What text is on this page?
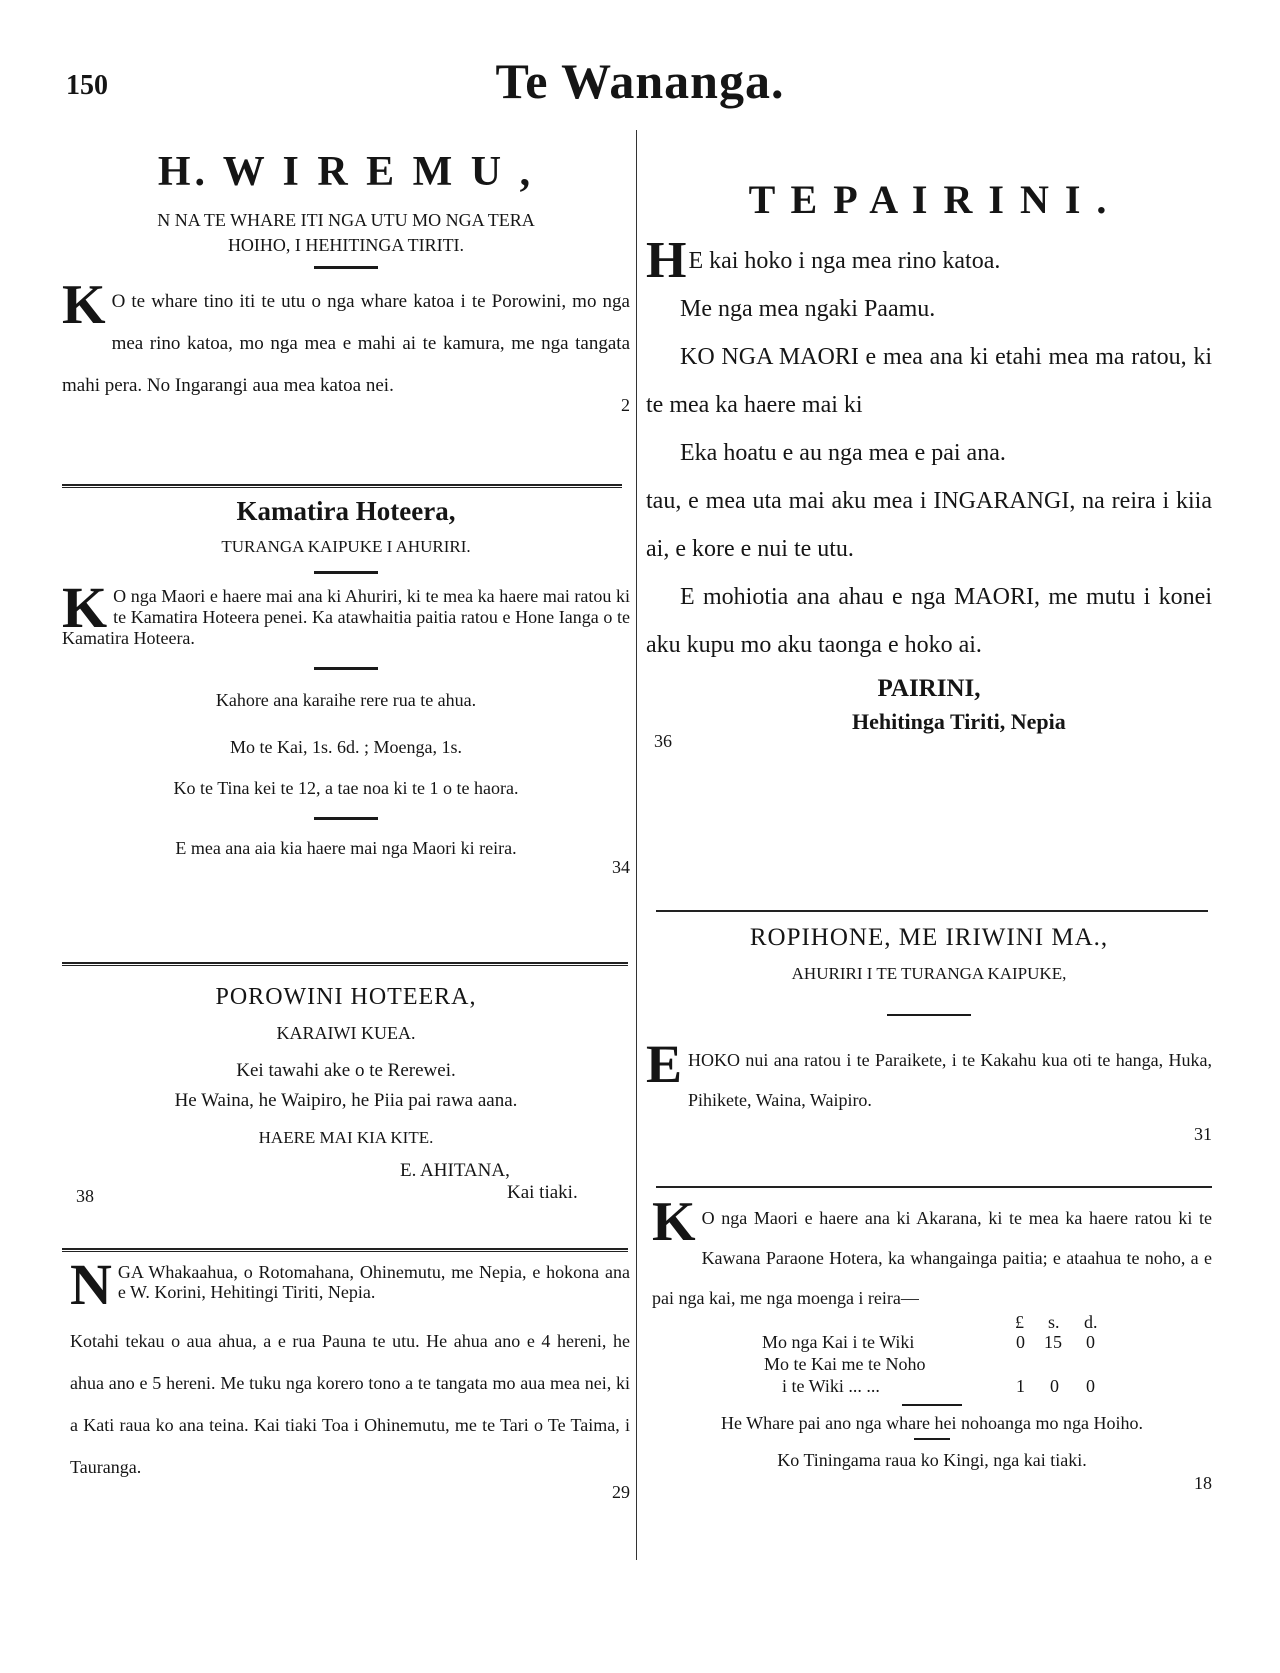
150	Te Wananga.
H. W I R E M U ,
N NA TE WHARE ITI NGA UTU MO NGA TERA
HOIHO, I HEHITINGA TIRITI.
K O te whare tino iti te utu o nga whare katoa i te Porowini, mo nga mea rino katoa, mo nga mea e mahi ai te kamura, me nga tangata mahi pera. No Ingarangi aua mea katoa nei.
2
Kamatira Hoteera,
TURANGA KAIPUKE I AHURIRI.
K O nga Maori e haere mai ana ki Ahuriri, ki te mea ka haere mai ratou ki te Kamatira Hoteera penei. Ka atawhaitia paitia ratou e Hone Ianga o te Kamatira Hoteera.
Kahore ana karaihe rere rua te ahua.
Mo te Kai, 1s. 6d. ; Moenga, 1s.
Ko te Tina kei te 12, a tae noa ki te 1 o te haora.
E mea ana aia kia haere mai nga Maori ki reira.
34
POROWINI HOTEERA,
KARAIWI KUEA.
Kei tawahi ake o te Rerewei.
He Waina, he Waipiro, he Piia pai rawa aana.
HAERE MAI KIA KITE.
E. AHITANA,
Kai tiaki.
38
N GA Whakaahua, o Rotomahana, Ohinemutu, me Nepia, e hokona ana e W. Korini, Hehitingi Tiriti, Nepia.
Kotahi tekau o aua ahua, a e rua Pauna te utu. He ahua ano e 4 hereni, he ahua ano e 5 hereni. Me tuku nga korero tono a te tangata mo aua mea nei, ki a Kati raua ko ana teina. Kai tiaki Toa i Ohinemutu, me te Tari o Te Taima, i Tauranga.
29
T E P A I R I N I .
H E kai hoko i nga mea rino katoa.
Me nga mea ngaki Paamu.
KO NGA MAORI e mea ana ki etahi mea ma ratou, ki te mea ka haere mai ki
Eka hoatu e au nga mea e pai ana.
tau, e mea uta mai aku mea i INGARANGI, na reira i kiia ai, e kore e nui te utu.
E mohiotia ana ahau e nga MAORI, me mutu i konei aku kupu mo aku taonga e hoko ai.
PAIRINI,
Hehitinga Tiriti, Nepia
36
ROPIHONE, ME IRIWINI MA.,
AHURIRI I TE TURANGA KAIPUKE,
E HOKO nui ana ratou i te Paraikete, i te Kakahu kua oti te hanga, Huka, Pihikete, Waina, Waipiro.
31
K O nga Maori e haere ana ki Akarana, ki te mea ka haere ratou ki te Kawana Paraone Hotera, ka whangainga paitia; e ataahua te noho, a e pai nga kai, me nga moenga i reira—
£ s. d.
Mo nga Kai i te Wiki	0 15 0
Mo te Kai me te Noho
i te Wiki ... ...	1 0 0
He Whare pai ano nga whare hei nohoanga mo nga Hoiho.
Ko Tiningama raua ko Kingi, nga kai tiaki.
18
